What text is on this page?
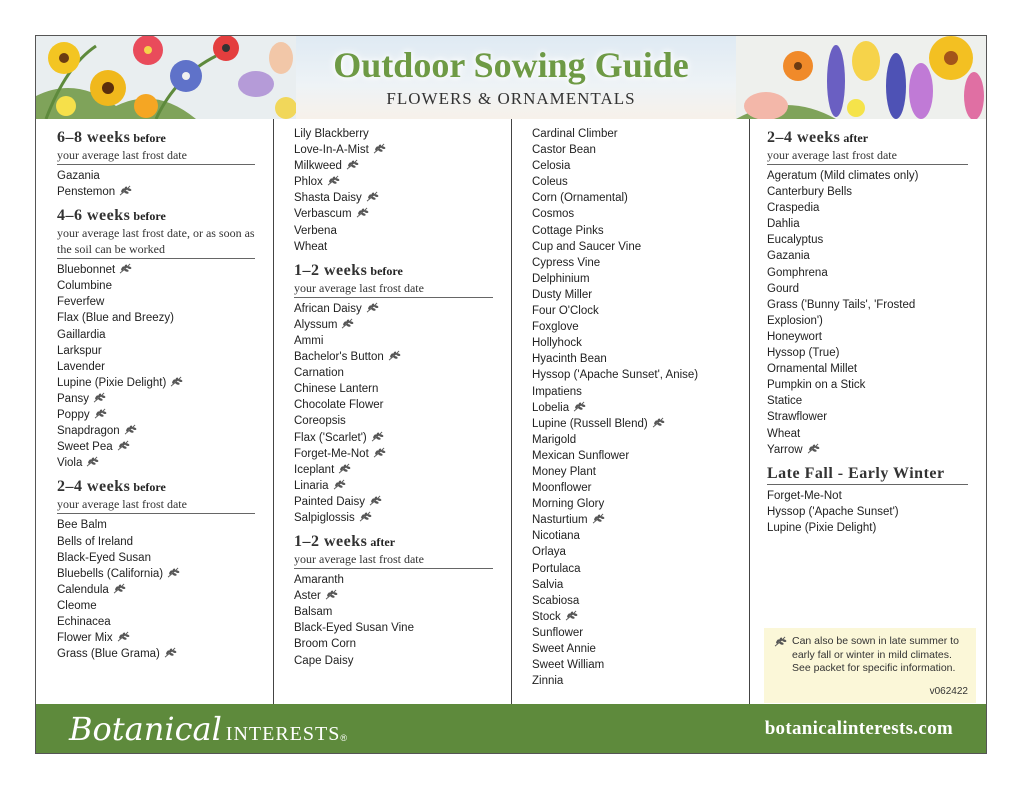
Outdoor Sowing Guide
FLOWERS & ORNAMENTALS
6–8 weeks before
your average last frost date
Gazania
Penstemon
4–6 weeks before
your average last frost date, or as soon as the soil can be worked
Bluebonnet
Columbine
Feverfew
Flax (Blue and Breezy)
Gaillardia
Larkspur
Lavender
Lupine (Pixie Delight)
Pansy
Poppy
Snapdragon
Sweet Pea
Viola
2–4 weeks before
your average last frost date
Bee Balm
Bells of Ireland
Black-Eyed Susan
Bluebells (California)
Calendula
Cleome
Echinacea
Flower Mix
Grass (Blue Grama)
Lily Blackberry
Love-In-A-Mist
Milkweed
Phlox
Shasta Daisy
Verbascum
Verbena
Wheat
1–2 weeks before
your average last frost date
African Daisy
Alyssum
Ammi
Bachelor's Button
Carnation
Chinese Lantern
Chocolate Flower
Coreopsis
Flax ('Scarlet')
Forget-Me-Not
Iceplant
Linaria
Painted Daisy
Salpiglossis
1–2 weeks after
your average last frost date
Amaranth
Aster
Balsam
Black-Eyed Susan Vine
Broom Corn
Cape Daisy
Cardinal Climber
Castor Bean
Celosia
Coleus
Corn (Ornamental)
Cosmos
Cottage Pinks
Cup and Saucer Vine
Cypress Vine
Delphinium
Dusty Miller
Four O'Clock
Foxglove
Hollyhock
Hyacinth Bean
Hyssop ('Apache Sunset', Anise)
Impatiens
Lobelia
Lupine (Russell Blend)
Marigold
Mexican Sunflower
Money Plant
Moonflower
Morning Glory
Nasturtium
Nicotiana
Orlaya
Portulaca
Salvia
Scabiosa
Stock
Sunflower
Sweet Annie
Sweet William
Zinnia
2–4 weeks after
your average last frost date
Ageratum (Mild climates only)
Canterbury Bells
Craspedia
Dahlia
Eucalyptus
Gazania
Gomphrena
Gourd
Grass ('Bunny Tails', 'Frosted Explosion')
Honeywort
Hyssop (True)
Ornamental Millet
Pumpkin on a Stick
Statice
Strawflower
Wheat
Yarrow
Late Fall - Early Winter
Forget-Me-Not
Hyssop ('Apache Sunset')
Lupine (Pixie Delight)
Can also be sown in late summer to early fall or winter in mild climates. See packet for specific information.
v062422
Botanical INTERESTS®	botanicalinterests.com
